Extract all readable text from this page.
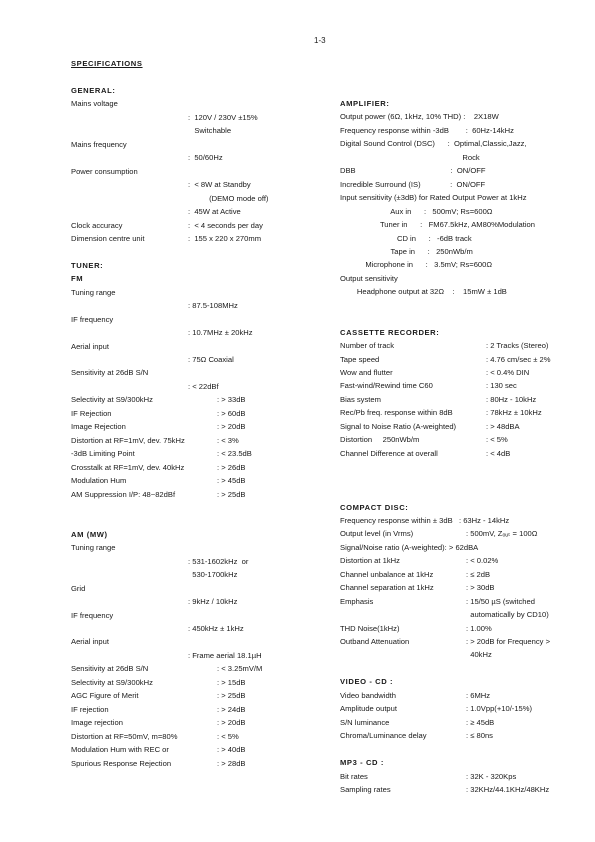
1-3
SPECIFICATIONS
GENERAL:
Mains voltage
:  120V / 230V ±15%
Switchable
Mains frequency
:  50/60Hz
Power consumption
:  < 8W at Standby
(DEMO mode off)
:  45W at Active
Clock accuracy	:  < 4 seconds per day
Dimension centre unit	:  155 x 220 x 270mm
TUNER:
FM
Tuning range
: 87.5-108MHz
IF frequency
: 10.7MHz ± 20kHz
Aerial input
: 75Ω Coaxial
Sensitivity at 26dB S/N
: < 22dBf
Selectivity at S9/300kHz	: > 33dB
IF Rejection	: > 60dB
Image Rejection	: > 20dB
Distortion at RF=1mV, dev. 75kHz	: < 3%
-3dB Limiting Point	: < 23.5dB
Crosstalk at RF=1mV, dev. 40kHz	: > 26dB
Modulation Hum	: > 45dB
AM Suppression I/P: 48~82dBf	: > 25dB
AM (MW)
Tuning range
: 531-1602kHz  or
530-1700kHz
Grid
: 9kHz / 10kHz
IF frequency
: 450kHz ± 1kHz
Aerial input
: Frame aerial 18.1µH
Sensitivity at 26dB S/N	: < 3.25mV/M
Selectivity at S9/300kHz	: > 15dB
AGC Figure of Merit	: > 25dB
IF rejection	: > 24dB
Image rejection	: > 20dB
Distortion at RF=50mV, m=80%	: < 5%
Modulation Hum with REC or	: > 40dB
Spurious Response Rejection	: > 28dB
AMPLIFIER:
Output power (6Ω, 1kHz, 10% THD) :    2X18W
Frequency response within -3dB        :  60Hz-14kHz
Digital Sound Control (DSC)      :  Optimal,Classic,Jazz,
Rock
DBB                                             :  ON/OFF
Incredible Surround (IS)              :  ON/OFF
Input sensitivity (±3dB) for Rated Output Power at 1kHz
Aux in      :   500mV; Rs=600Ω
Tuner in      :   FM67.5kHz, AM80%Modulation
CD in      :   -6dB track
Tape in      :   250nWb/m
Microphone in      :   3.5mV; Rs=600Ω
Output sensitivity
Headphone output at 32Ω    :    15mW ± 1dB
CASSETTE RECORDER:
Number of track	: 2 Tracks (Stereo)
Tape speed	: 4.76 cm/sec ± 2%
Wow and flutter	: < 0.4% DIN
Fast-wind/Rewind time C60	: 130 sec
Bias system	: 80Hz - 10kHz
Rec/Pb freq. response within 8dB	: 78kHz ± 10kHz
Signal to Noise Ratio (A-weighted)	: > 48dBA
Distortion     250nWb/m	: < 5%
Channel Difference at overall	: < 4dB
COMPACT DISC:
Frequency response within ± 3dB   : 63Hz - 14kHz
Output level (in Vrms)	: 500mV, Zₒᵤₜ = 100Ω
Signal/Noise ratio (A-weighted): > 62dBA
Distortion at 1kHz	: < 0.02%
Channel unbalance at 1kHz	: ≤ 2dB
Channel separation at 1kHz	: > 30dB
Emphasis	: 15/50 µS (switched
automatically by CD10)
THD Noise(1kHz)	: 1.00%
Outband Attenuation	: > 20dB for Frequency >
40kHz
VIDEO - CD :
Video bandwidth	: 6MHz
Amplitude output	: 1.0Vpp(+10/-15%)
S/N luminance	: ≥ 45dB
Chroma/Luminance delay	: ≤ 80ns
MP3 - CD :
Bit rates	: 32K - 320Kps
Sampling rates	: 32KHz/44.1KHz/48KHz
